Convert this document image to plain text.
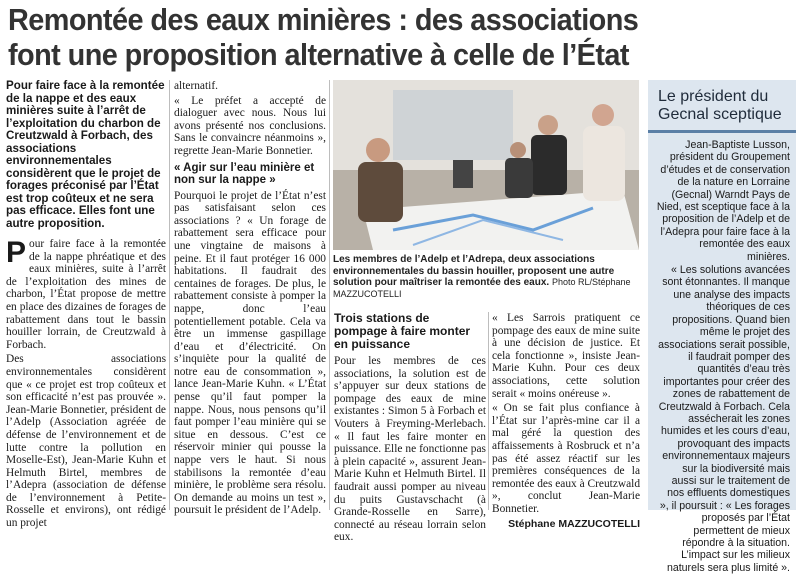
Remontée des eaux minières : des associations
font une proposition alternative à celle de l’État
Pour faire face à la remontée de la nappe et des eaux minières suite à l’arrêt de l’exploitation du charbon de Creutzwald à Forbach, des associations environnementales considèrent que le projet de forages préconisé par l’État est trop coûteux et ne sera pas efficace. Elles font une autre proposition.

Pour faire face à la remontée de la nappe phréatique et des eaux minières, suite à l’arrêt de l’exploitation des mines de charbon, l’État propose de mettre en place des dizaines de forages de rabattement dans tout le bassin houiller lorrain, de Creutzwald à Forbach.

Des associations environnementales considèrent que « ce projet est trop coûteux et son efficacité n’est pas prouvée ». Jean-Marie Bonnetier, président de l’Adelp (Association agréée de défense de l’environnement et de lutte contre la pollution en Moselle-Est), Jean-Marie Kuhn et Helmuth Birtel, membres de l’Adepra (association de défense de l’environnement à Petite-Rosselle et environs), ont rédigé un projet

alternatif.

« Le préfet a accepté de dialoguer avec nous. Nous lui avons présenté nos conclusions. Sans le convaincre néanmoins », regrette Jean-Marie Bonnetier.

« Agir sur l’eau minière et non sur la nappe »

Pourquoi le projet de l’État n’est pas satisfaisant selon ces associations ? « Un forage de rabattement sera efficace pour une vingtaine de maisons à peine. Et il faut protéger 16 000 habitations. Il faudrait des centaines de forages. De plus, le rabattement consiste à pomper la nappe, donc l’eau potentiellement potable. Cela va être un immense gaspillage d’eau et d’électricité. On s’inquiète pour la qualité de notre eau de consommation », lance Jean-Marie Kuhn. « L’État pense qu’il faut pomper la nappe. Nous, nous pensons qu’il faut pomper l’eau minière qui se situe en dessous. C’est ce réservoir minier qui pousse la nappe vers le haut. Si nous stabilisons la remontée d’eau minière, le problème sera résolu. On demande au moins un test », poursuit le président de l’Adelp.

Les membres de l’Adelp et l’Adrepa, deux associations environnementales du bassin houiller, proposent une autre solution pour maîtriser la remontée des eaux. Photo RL/Stéphane MAZZUCOTELLI
Trois stations de pompage à faire monter en puissance

Pour les membres de ces associations, la solution est de s’appuyer sur deux stations de pompage des eaux de mine existantes : Simon 5 à Forbach et Vouters à Freyming-Merlebach. « Il faut les faire monter en puissance. Elle ne fonctionne pas à plein capacité », assurent Jean-Marie Kuhn et Helmuth Birtel. Il faudrait aussi pomper au niveau du puits Gustavschacht (à Grande-Rosselle en Sarre), connecté au réseau lorrain selon eux.

« Les Sarrois pratiquent ce pompage des eaux de mine suite à une décision de justice. Et cela fonctionne », insiste Jean-Marie Kuhn. Pour ces deux associations, cette solution serait « moins onéreuse ».

« On se fait plus confiance à l’État sur l’après-mine car il a mal géré la question des affaissements à Rosbruck et n’a pas été assez réactif sur les premières conséquences de la remontée des eaux à Creutzwald », conclut Jean-Marie Bonnetier.

Stéphane MAZZUCOTELLI
Le président du Gecnal sceptique

Jean-Baptiste Lusson, président du Groupement d’études et de conservation de la nature en Lorraine (Gecnal) Warndt Pays de Nied, est sceptique face à la proposition de l’Adelp et de l’Adepra pour faire face à la remontée des eaux minières.

« Les solutions avancées sont étonnantes. Il manque une analyse des impacts théoriques de ces propositions. Quand bien même le projet des associations serait possible, il faudrait pomper des quantités d’eau très importantes pour créer des zones de rabattement de Creutzwald à Forbach. Cela assécherait les zones humides et les cours d’eau, provoquant des impacts environnementaux majeurs sur la biodiversité mais aussi sur le traitement de nos effluents domestiques », il poursuit : « Les forages proposés par l’État permettent de mieux répondre à la situation. L’impact sur les milieux naturels sera plus limité ».
